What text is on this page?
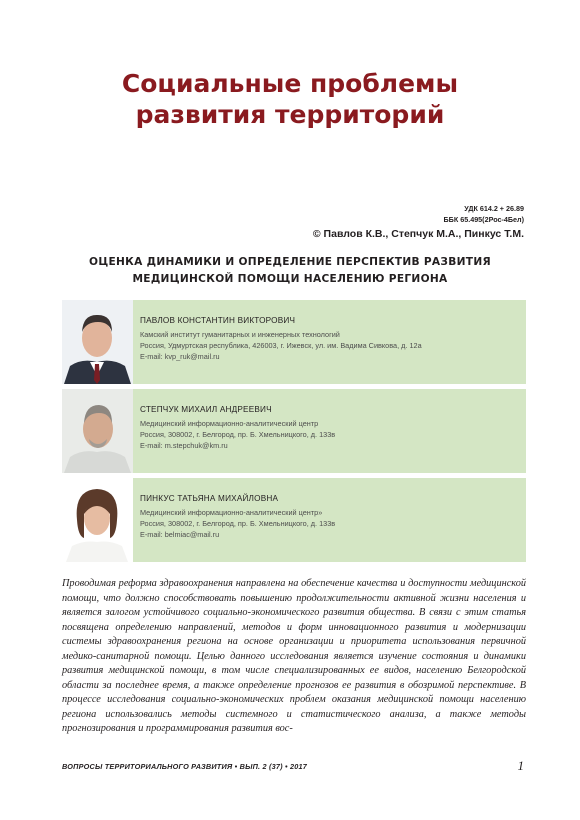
Социальные проблемы
развития территорий
УДК 614.2 + 26.89
ББК 65.495(2Рос-4Бел)
© Павлов К.В., Степчук М.А., Пинкус Т.М.
ОЦЕНКА ДИНАМИКИ И ОПРЕДЕЛЕНИЕ ПЕРСПЕКТИВ РАЗВИТИЯ
МЕДИЦИНСКОЙ ПОМОЩИ НАСЕЛЕНИЮ РЕГИОНА
ПАВЛОВ КОНСТАНТИН ВИКТОРОВИЧ
Камский институт гуманитарных и инженерных технологий
Россия, Удмуртская республика, 426003, г. Ижевск, ул. им. Вадима Сивкова, д. 12а
E-mail: kvp_ruk@mail.ru
СТЕПЧУК МИХАИЛ АНДРЕЕВИЧ
Медицинский информационно-аналитический центр
Россия, 308002, г. Белгород, пр. Б. Хмельницкого, д. 133в
E-mail: m.stepchuk@km.ru
ПИНКУС ТАТЬЯНА МИХАЙЛОВНА
Медицинский информационно-аналитический центр»
Россия, 308002, г. Белгород, пр. Б. Хмельницкого, д. 133в
E-mail: belmiac@mail.ru

Проводимая реформа здравоохранения направлена на обеспечение качества и доступности медицинской помощи, что должно способствовать повышению продолжительности активной жизни населения и является залогом устойчивого социально-экономического развития общества. В связи с этим статья посвящена определению направлений, методов и форм инновационного развития и модернизации системы здравоохранения региона на основе организации и приоритета использования первичной медико-санитарной помощи. Целью данного исследования является изучение состояния и динамики развития медицинской помощи, в том числе специализированных ее видов, населению Белгородской области за последнее время, а также определение прогнозов ее развития в обозримой перспективе. В процессе исследования социально-экономических проблем оказания медицинской помощи населению региона использовались методы системного и статистического анализа, а также методы прогнозирования и программирования развития вос-

ВОПРОСЫ ТЕРРИТОРИАЛЬНОГО РАЗВИТИЯ • ВЫП. 2 (37) • 2017	1
